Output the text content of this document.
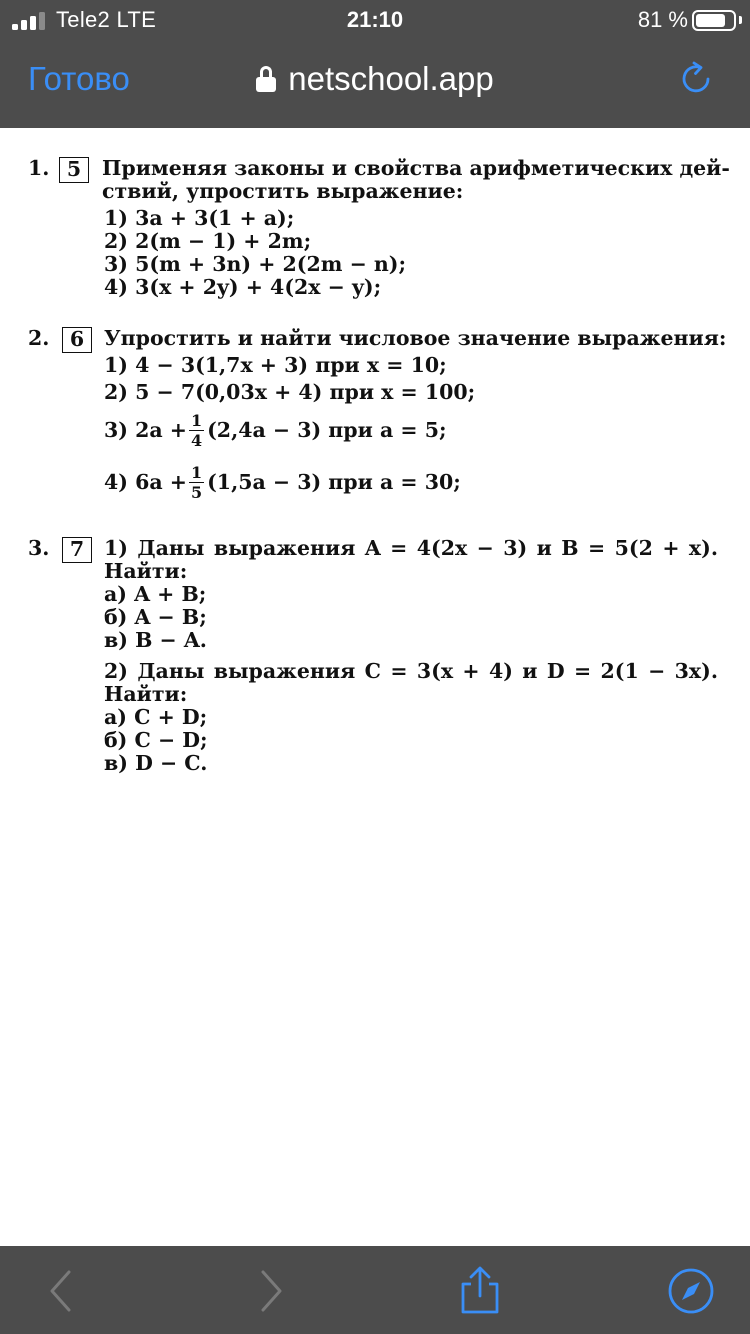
Tele2 LTE	21:10	81 %
Готово	netschool.app
1. 5	Применяя законы и свойства арифметических дей-

ствий, упростить выражение:

1) 3a + 3(1 + a);

2) 2(m − 1) + 2m;

3) 5(m + 3n) + 2(2m − n);

4) 3(x + 2y) + 4(2x − y);

2. 6 Упростить и найти числовое значение выражения:

1) 4 − 3(1,7x + 3) при x = 10;

2) 5 − 7(0,03x + 4) при x = 100;

3) $2a + \frac{1}{4} (2,4a - 3)$ при a = 5;
4) $6a + \frac{1}{5} (1,5a - 3)$ при a = 30;
3. 7 1) Даны выражения A = 4(2x − 3) и B = 5(2 + x).

Найти:

а) A + B;

б) A − B;

в) B − A.

2) Даны выражения C = 3(x + 4) и D = 2(1 − 3x).

Найти:

а) C + D;

б) C − D;

в) D − C.
